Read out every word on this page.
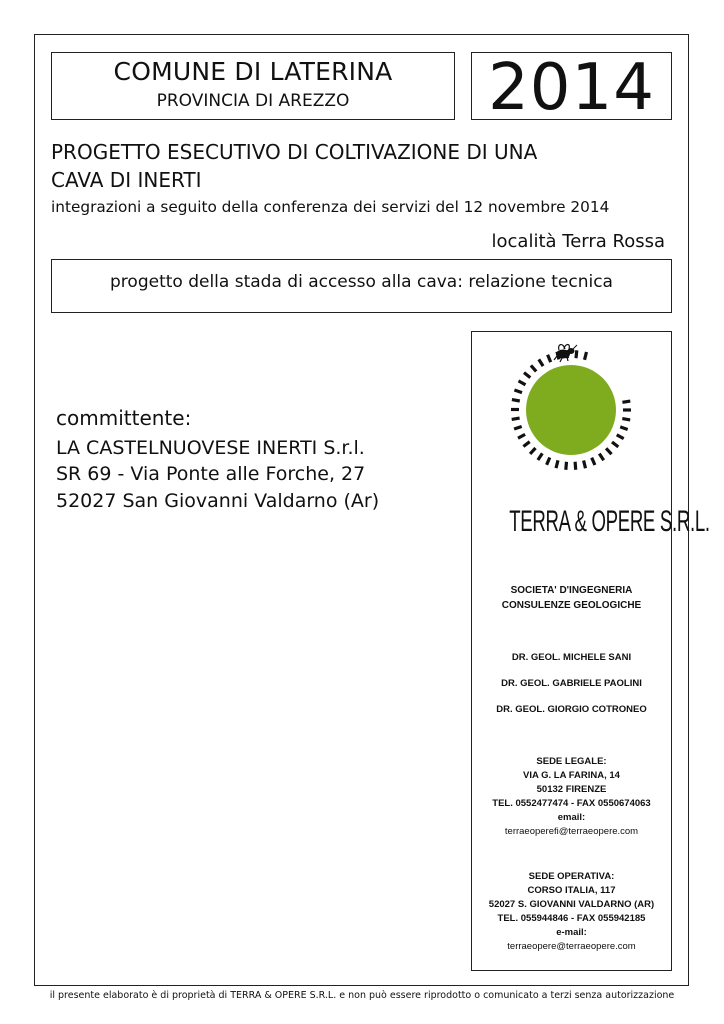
COMUNE DI LATERINA
PROVINCIA DI AREZZO	2014
PROGETTO ESECUTIVO DI COLTIVAZIONE DI UNA
CAVA DI INERTI
integrazioni a seguito della conferenza dei servizi del 12 novembre 2014
località Terra Rossa
progetto della stada di accesso alla cava: relazione tecnica
committente:
LA CASTELNUOVESE INERTI S.r.l.
SR 69 - Via Ponte alle Forche, 27
52027 San Giovanni Valdarno (Ar)
TERRA & OPERE S.R.L.
SOCIETA' D'INGEGNERIA
CONSULENZE GEOLOGICHE
DR. GEOL. MICHELE SANI
DR. GEOL. GABRIELE PAOLINI
DR. GEOL. GIORGIO COTRONEO
SEDE LEGALE:
VIA G. LA FARINA, 14
50132 FIRENZE
TEL. 0552477474 - FAX 0550674063
email:
terraeoperefi@terraeopere.com
SEDE OPERATIVA:
CORSO ITALIA, 117
52027 S. GIOVANNI VALDARNO (AR)
TEL. 055944846 - FAX 055942185
e-mail:
terraeopere@terraeopere.com
il presente elaborato è di proprietà di TERRA & OPERE S.R.L. e non può essere riprodotto o comunicato a terzi senza autorizzazione
